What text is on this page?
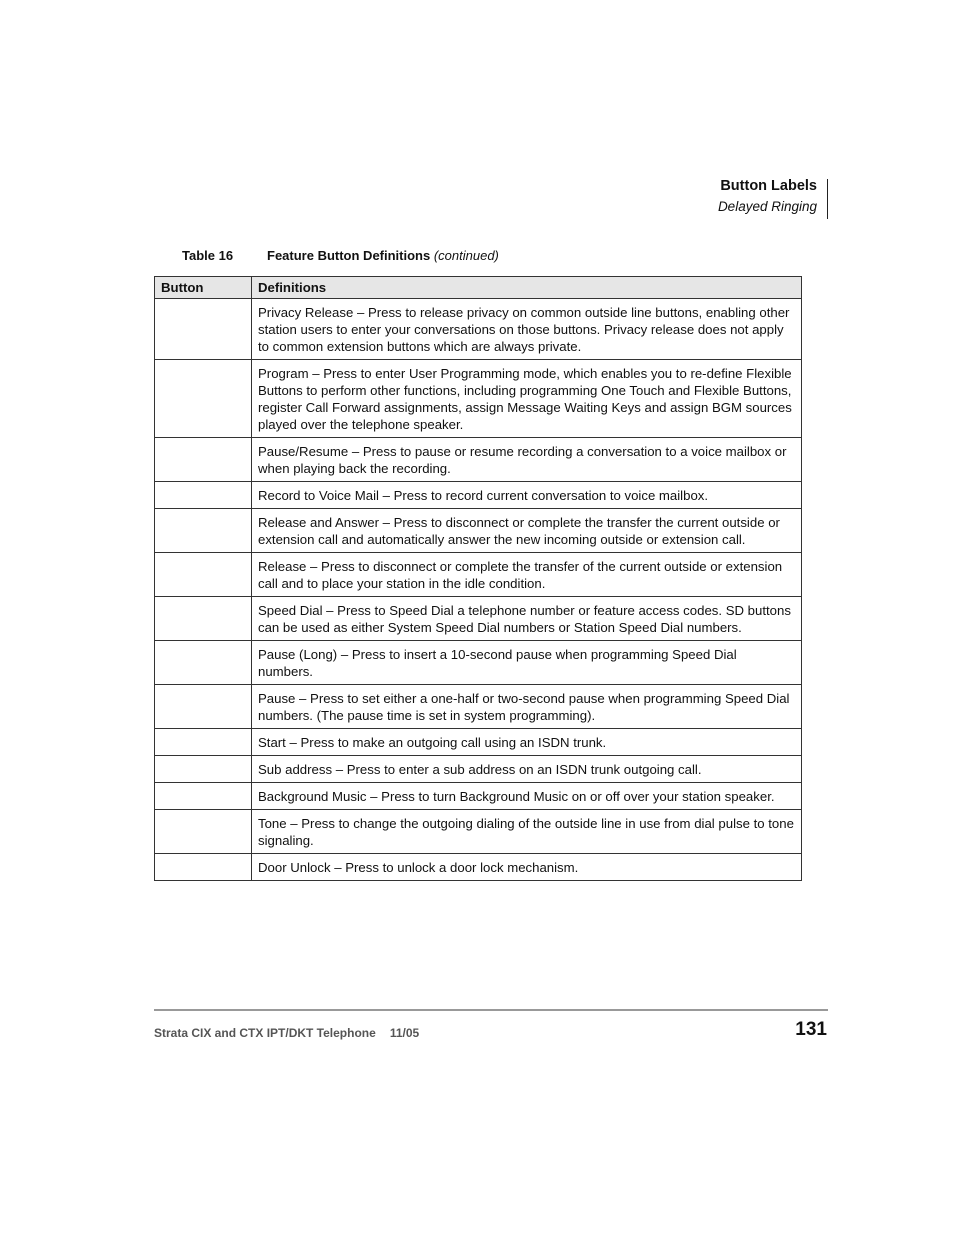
Button Labels
Delayed Ringing
Table 16	Feature Button Definitions (continued)
Button	Definitions
	Privacy Release – Press to release privacy on common outside line buttons, enabling other station users to enter your conversations on those buttons. Privacy release does not apply to common extension buttons which are always private.
	Program – Press to enter User Programming mode, which enables you to re-define Flexible Buttons to perform other functions, including programming One Touch and Flexible Buttons, register Call Forward assignments, assign Message Waiting Keys and assign BGM sources played over the telephone speaker.
	Pause/Resume – Press to pause or resume recording a conversation to a voice mailbox or when playing back the recording.
	Record to Voice Mail – Press to record current conversation to voice mailbox.
	Release and Answer – Press to disconnect or complete the transfer the current outside or extension call and automatically answer the new incoming outside or extension call.
	Release – Press to disconnect or complete the transfer of the current outside or extension call and to place your station in the idle condition.
	Speed Dial – Press to Speed Dial a telephone number or feature access codes. SD buttons can be used as either System Speed Dial numbers or Station Speed Dial numbers.
	Pause (Long) – Press to insert a 10-second pause when programming Speed Dial numbers.
	Pause – Press to set either a one-half or two-second pause when programming Speed Dial numbers. (The pause time is set in system programming).
	Start – Press to make an outgoing call using an ISDN trunk.
	Sub address – Press to enter a sub address on an ISDN trunk outgoing call.
	Background Music – Press to turn Background Music on or off over your station speaker.
	Tone – Press to change the outgoing dialing of the outside line in use from dial pulse to tone signaling.
	Door Unlock – Press to unlock a door lock mechanism.
Strata CIX and CTX IPT/DKT Telephone 11/05	131
